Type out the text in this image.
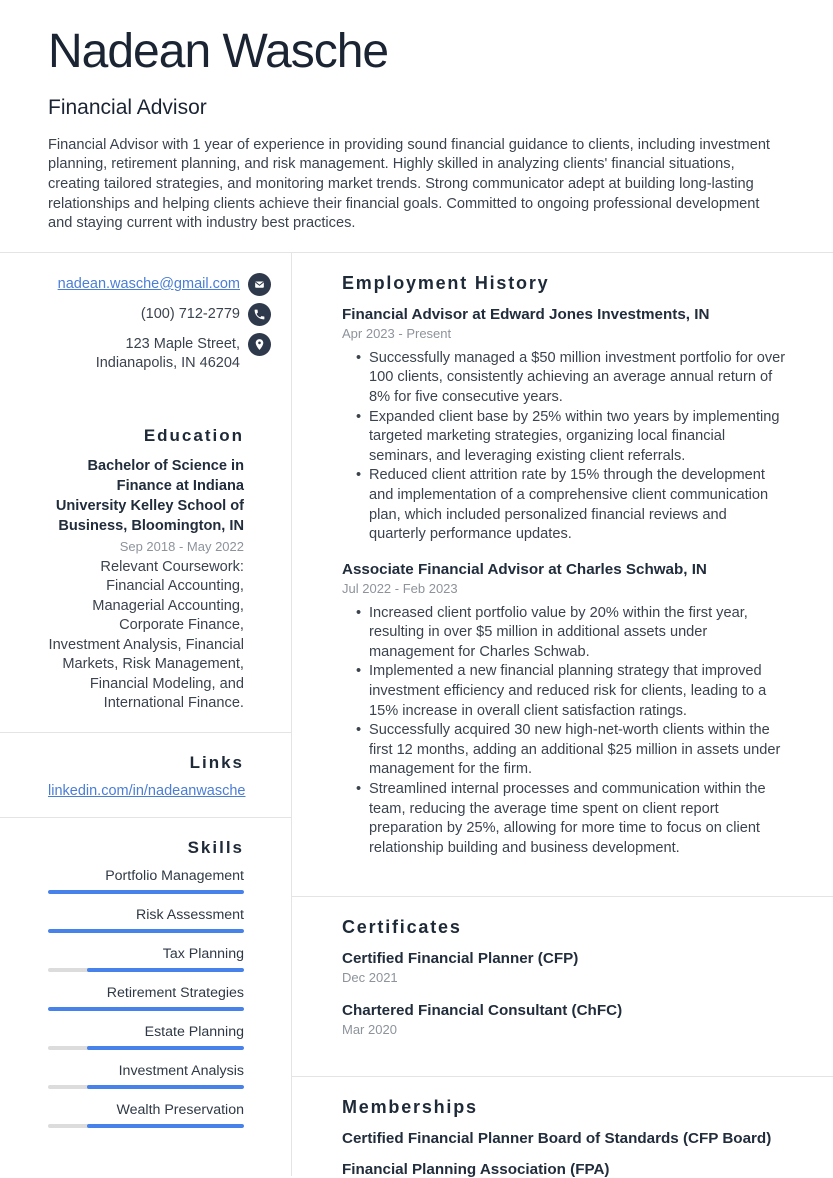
Nadean Wasche
Financial Advisor
Financial Advisor with 1 year of experience in providing sound financial guidance to clients, including investment planning, retirement planning, and risk management. Highly skilled in analyzing clients' financial situations, creating tailored strategies, and monitoring market trends. Strong communicator adept at building long-lasting relationships and helping clients achieve their financial goals. Committed to ongoing professional development and staying current with industry best practices.
nadean.wasche@gmail.com
(100) 712-2779
123 Maple Street, Indianapolis, IN 46204
Education
Bachelor of Science in Finance at Indiana University Kelley School of Business, Bloomington, IN
Sep 2018 - May 2022
Relevant Coursework: Financial Accounting, Managerial Accounting, Corporate Finance, Investment Analysis, Financial Markets, Risk Management, Financial Modeling, and International Finance.
Links
linkedin.com/in/nadeanwasche
Skills
Portfolio Management
Risk Assessment
Tax Planning
Retirement Strategies
Estate Planning
Investment Analysis
Wealth Preservation
Employment History
Financial Advisor at Edward Jones Investments, IN
Apr 2023 - Present
• Successfully managed a $50 million investment portfolio for over 100 clients, consistently achieving an average annual return of 8% for five consecutive years.
• Expanded client base by 25% within two years by implementing targeted marketing strategies, organizing local financial seminars, and leveraging existing client referrals.
• Reduced client attrition rate by 15% through the development and implementation of a comprehensive client communication plan, which included personalized financial reviews and quarterly performance updates.
Associate Financial Advisor at Charles Schwab, IN
Jul 2022 - Feb 2023
• Increased client portfolio value by 20% within the first year, resulting in over $5 million in additional assets under management for Charles Schwab.
• Implemented a new financial planning strategy that improved investment efficiency and reduced risk for clients, leading to a 15% increase in overall client satisfaction ratings.
• Successfully acquired 30 new high-net-worth clients within the first 12 months, adding an additional $25 million in assets under management for the firm.
• Streamlined internal processes and communication within the team, reducing the average time spent on client report preparation by 25%, allowing for more time to focus on client relationship building and business development.
Certificates
Certified Financial Planner (CFP)
Dec 2021
Chartered Financial Consultant (ChFC)
Mar 2020
Memberships
Certified Financial Planner Board of Standards (CFP Board)
Financial Planning Association (FPA)
